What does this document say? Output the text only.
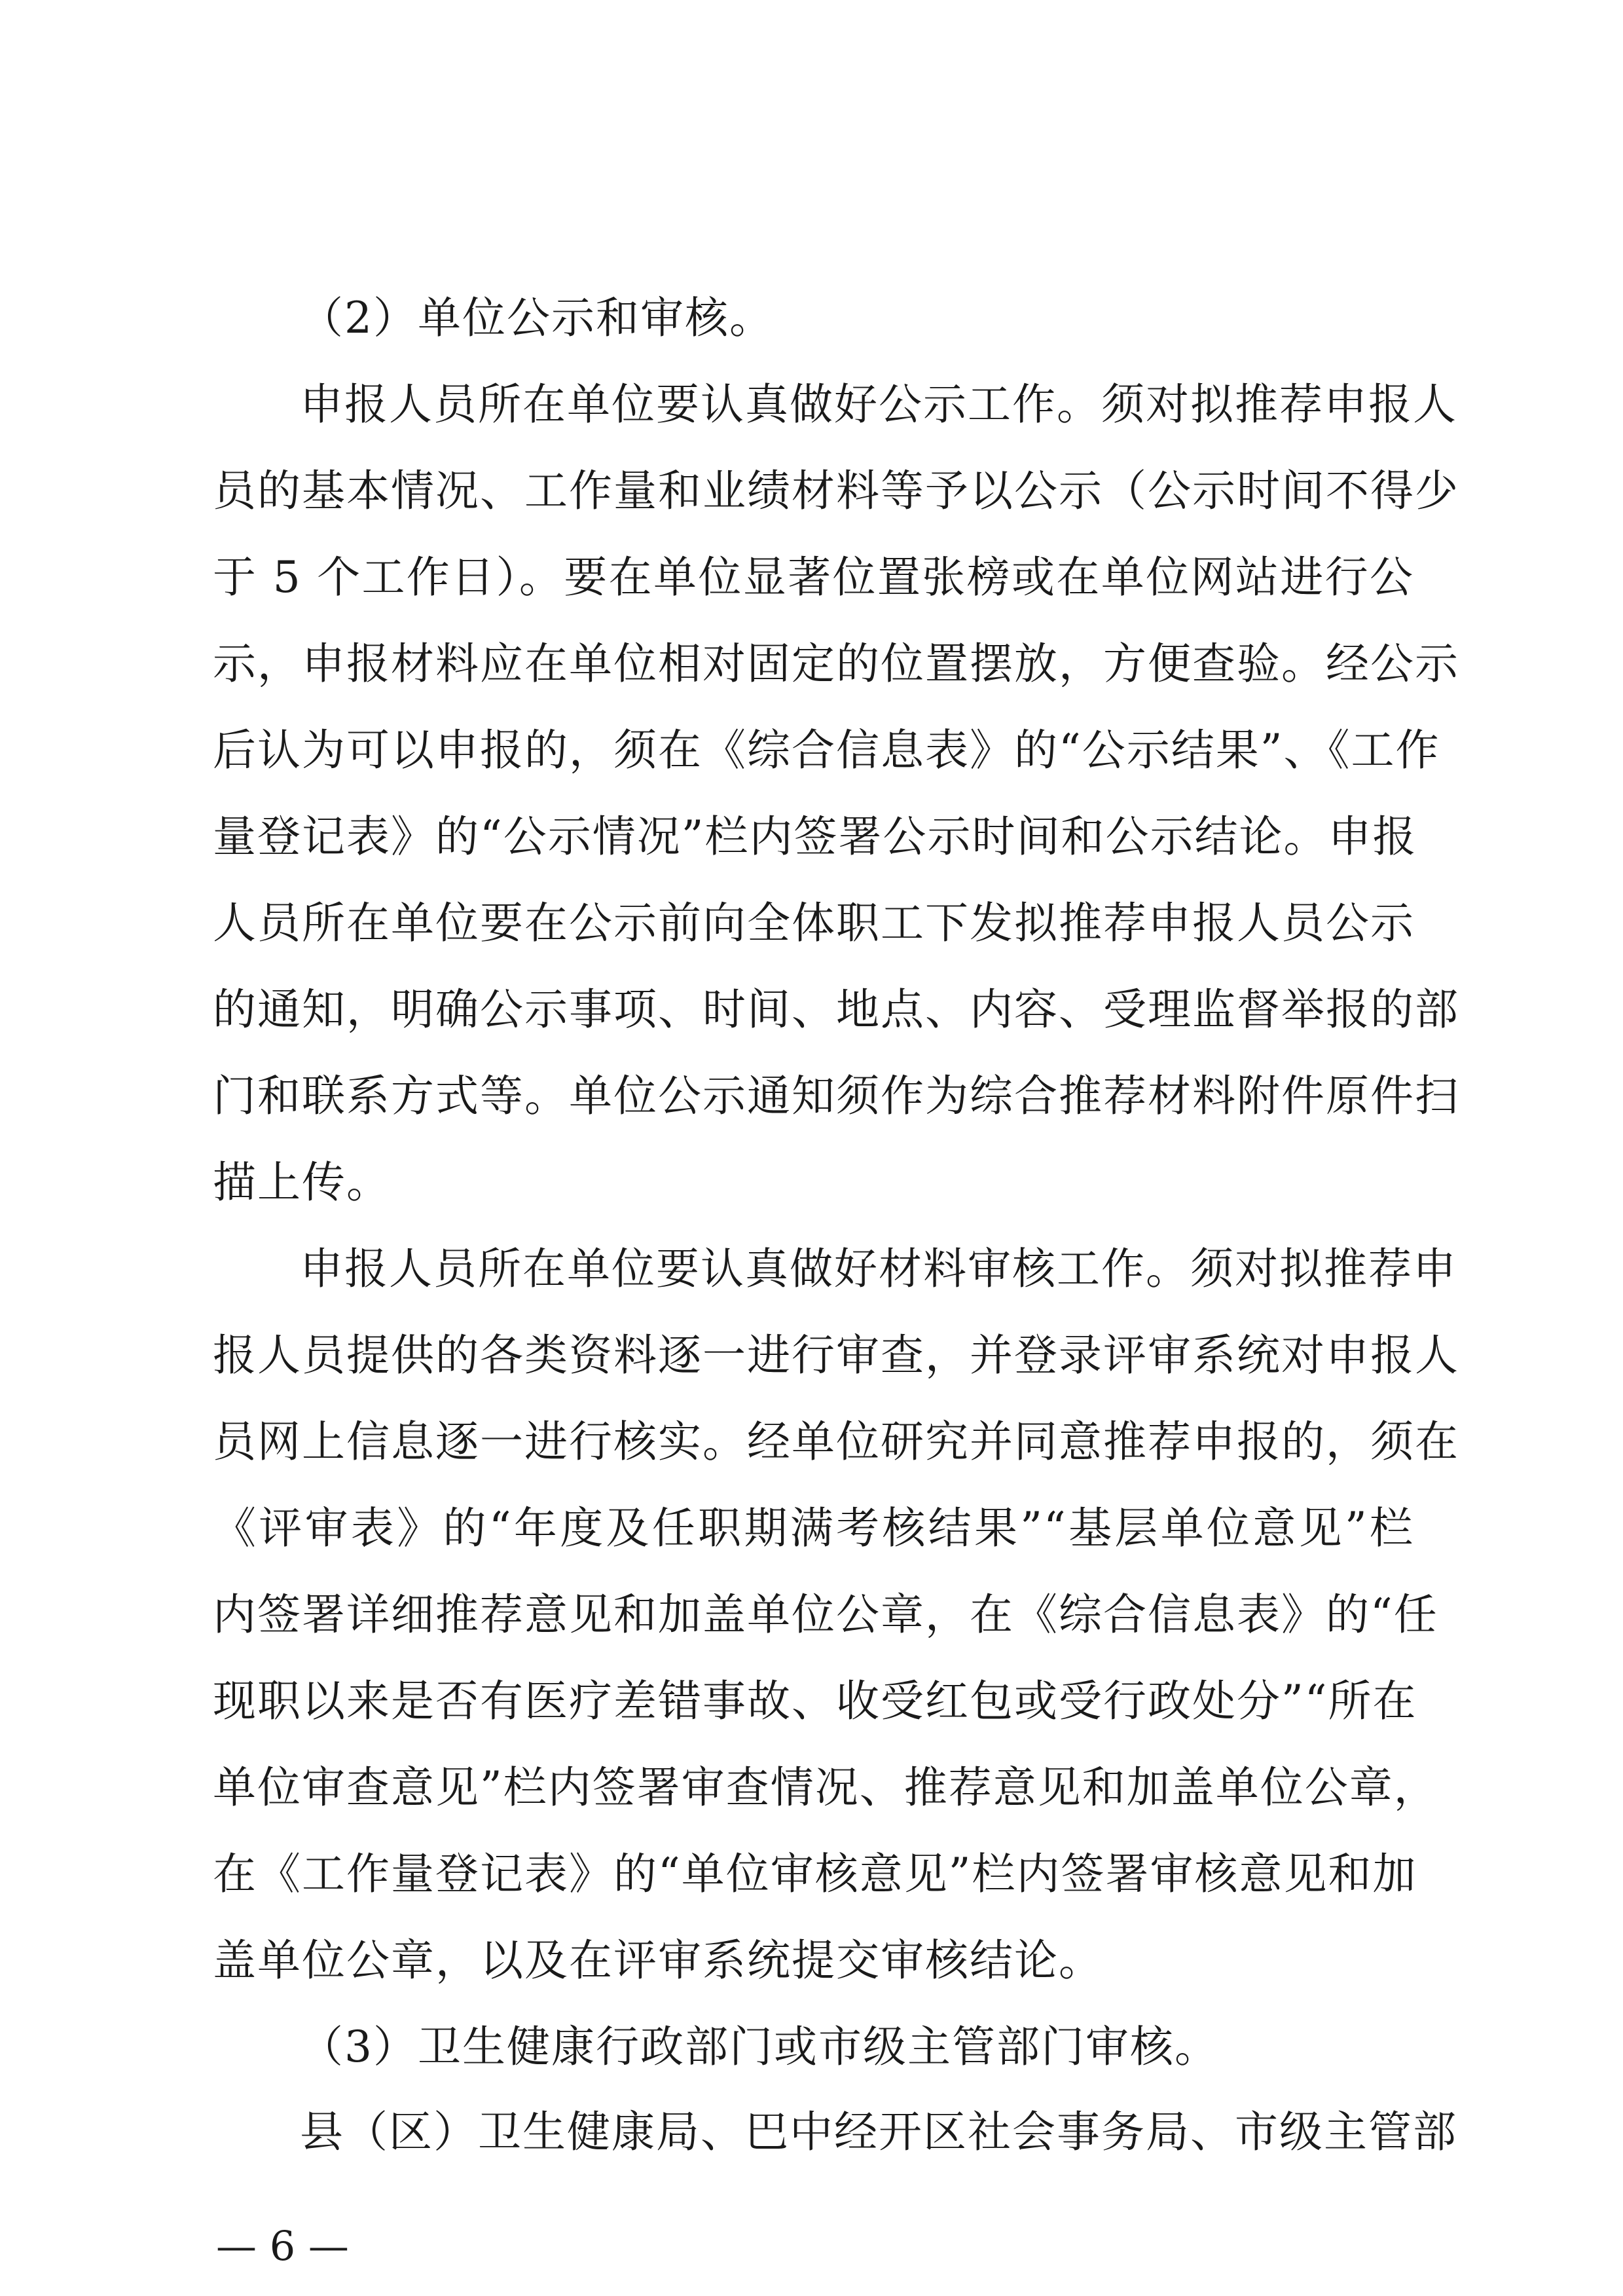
（2）单位公示和审核。
申报人员所在单位要认真做好公示工作。须对拟推荐申报人
员的基本情况、工作量和业绩材料等予以公示（公示时间不得少
于 5 个工作日）。要在单位显著位置张榜或在单位网站进行公
示，申报材料应在单位相对固定的位置摆放，方便查验。经公示
后认为可以申报的，须在《综合信息表》的“公示结果”、《工作
量登记表》的“公示情况”栏内签署公示时间和公示结论。申报
人员所在单位要在公示前向全体职工下发拟推荐申报人员公示
的通知，明确公示事项、时间、地点、内容、受理监督举报的部
门和联系方式等。单位公示通知须作为综合推荐材料附件原件扫
描上传。
申报人员所在单位要认真做好材料审核工作。须对拟推荐申
报人员提供的各类资料逐一进行审查，并登录评审系统对申报人
员网上信息逐一进行核实。经单位研究并同意推荐申报的，须在
《评审表》的“年度及任职期满考核结果”“基层单位意见”栏
内签署详细推荐意见和加盖单位公章，在《综合信息表》的“任
现职以来是否有医疗差错事故、收受红包或受行政处分”“所在
单位审查意见”栏内签署审查情况、推荐意见和加盖单位公章，
在《工作量登记表》的“单位审核意见”栏内签署审核意见和加
盖单位公章，以及在评审系统提交审核结论。
（3）卫生健康行政部门或市级主管部门审核。
县（区）卫生健康局、巴中经开区社会事务局、市级主管部
— 6 —
